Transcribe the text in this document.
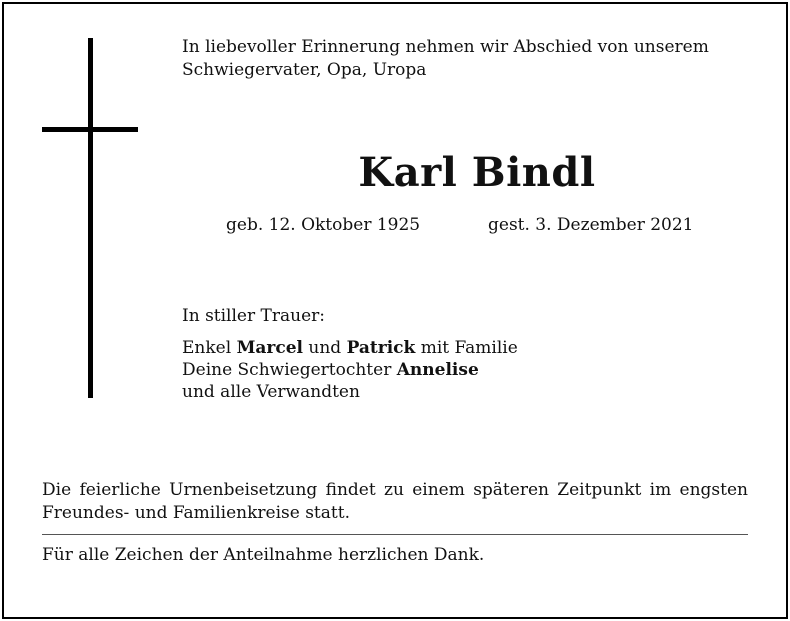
In liebevoller Erinnerung nehmen wir Abschied von unserem
Schwiegervater, Opa, Uropa
Karl Bindl
geb. 12. Oktober 1925	gest. 3. Dezember 2021
In stiller Trauer:
Enkel Marcel und Patrick mit Familie
Deine Schwiegertochter Annelise
und alle Verwandten
Die feierliche Urnenbeisetzung findet zu einem späteren Zeitpunkt im engsten Freundes- und Familienkreise statt.
Für alle Zeichen der Anteilnahme herzlichen Dank.
